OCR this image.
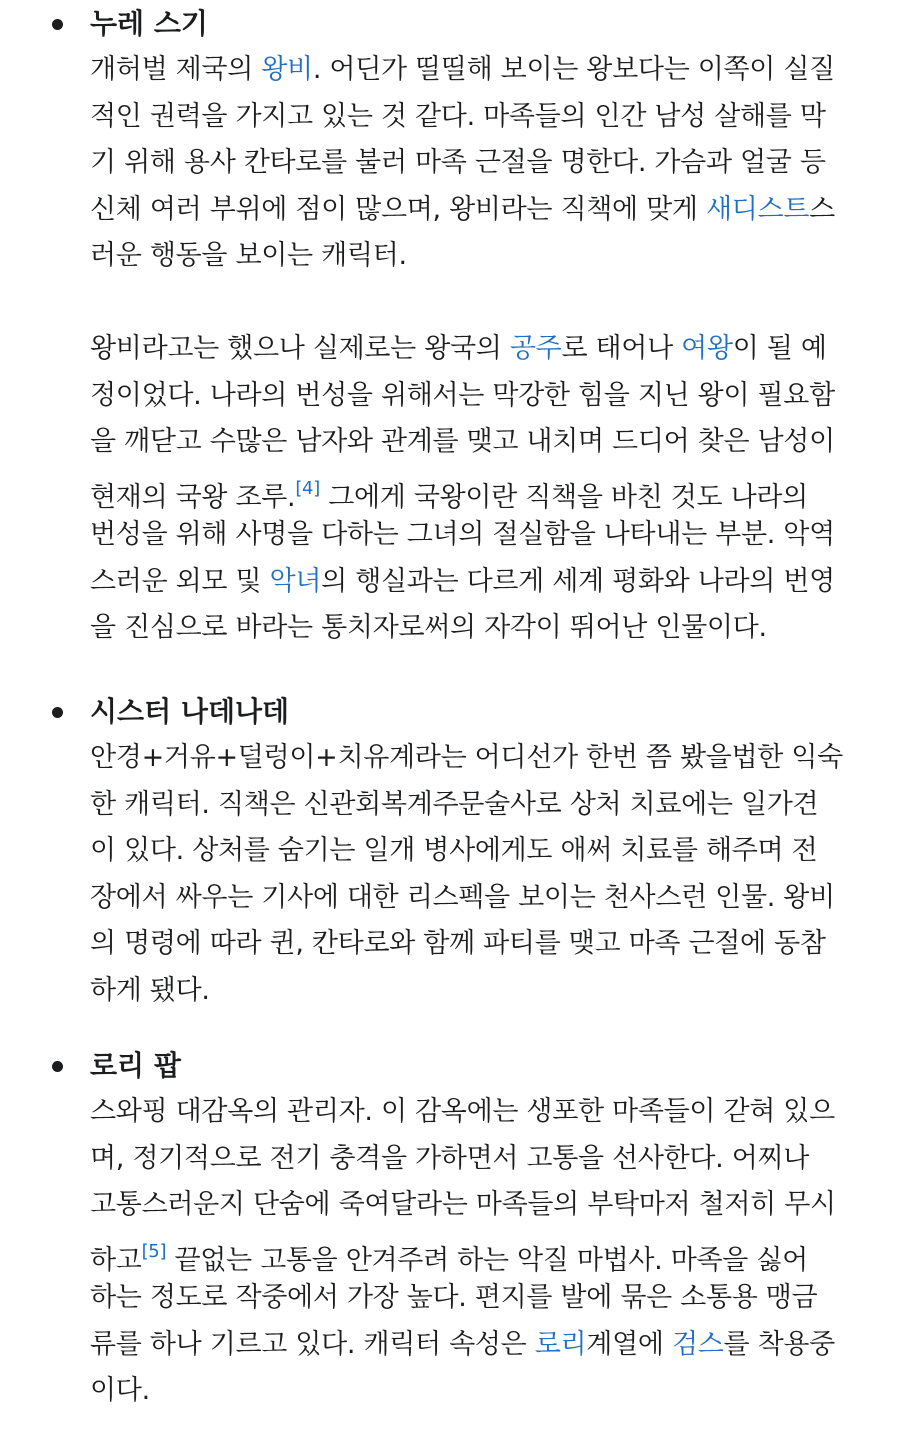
누레 스기
개허벌 제국의 왕비. 어딘가 띨띨해 보이는 왕보다는 이쪽이 실질
적인 권력을 가지고 있는 것 같다. 마족들의 인간 남성 살해를 막
기 위해 용사 칸타로를 불러 마족 근절을 명한다. 가슴과 얼굴 등
신체 여러 부위에 점이 많으며, 왕비라는 직책에 맞게 새디스트스
러운 행동을 보이는 캐릭터.
왕비라고는 했으나 실제로는 왕국의 공주로 태어나 여왕이 될 예
정이었다. 나라의 번성을 위해서는 막강한 힘을 지닌 왕이 필요함
을 깨닫고 수많은 남자와 관계를 맺고 내치며 드디어 찾은 남성이
현재의 국왕 조루.[4] 그에게 국왕이란 직책을 바친 것도 나라의
번성을 위해 사명을 다하는 그녀의 절실함을 나타내는 부분. 악역
스러운 외모 및 악녀의 행실과는 다르게 세계 평화와 나라의 번영
을 진심으로 바라는 통치자로써의 자각이 뛰어난 인물이다.
시스터 나데나데
안경+거유+덜렁이+치유계라는 어디선가 한번 쯤 봤을법한 익숙
한 캐릭터. 직책은 신관회복계주문술사로 상처 치료에는 일가견
이 있다. 상처를 숨기는 일개 병사에게도 애써 치료를 해주며 전
장에서 싸우는 기사에 대한 리스펙을 보이는 천사스런 인물. 왕비
의 명령에 따라 퀸, 칸타로와 함께 파티를 맺고 마족 근절에 동참
하게 됐다.
로리 팝
스와핑 대감옥의 관리자. 이 감옥에는 생포한 마족들이 갇혀 있으
며, 정기적으로 전기 충격을 가하면서 고통을 선사한다. 어찌나
고통스러운지 단숨에 죽여달라는 마족들의 부탁마저 철저히 무시
하고[5] 끝없는 고통을 안겨주려 하는 악질 마법사. 마족을 싫어
하는 정도로 작중에서 가장 높다. 편지를 발에 묶은 소통용 맹금
류를 하나 기르고 있다. 캐릭터 속성은 로리계열에 검스를 착용중
이다.
